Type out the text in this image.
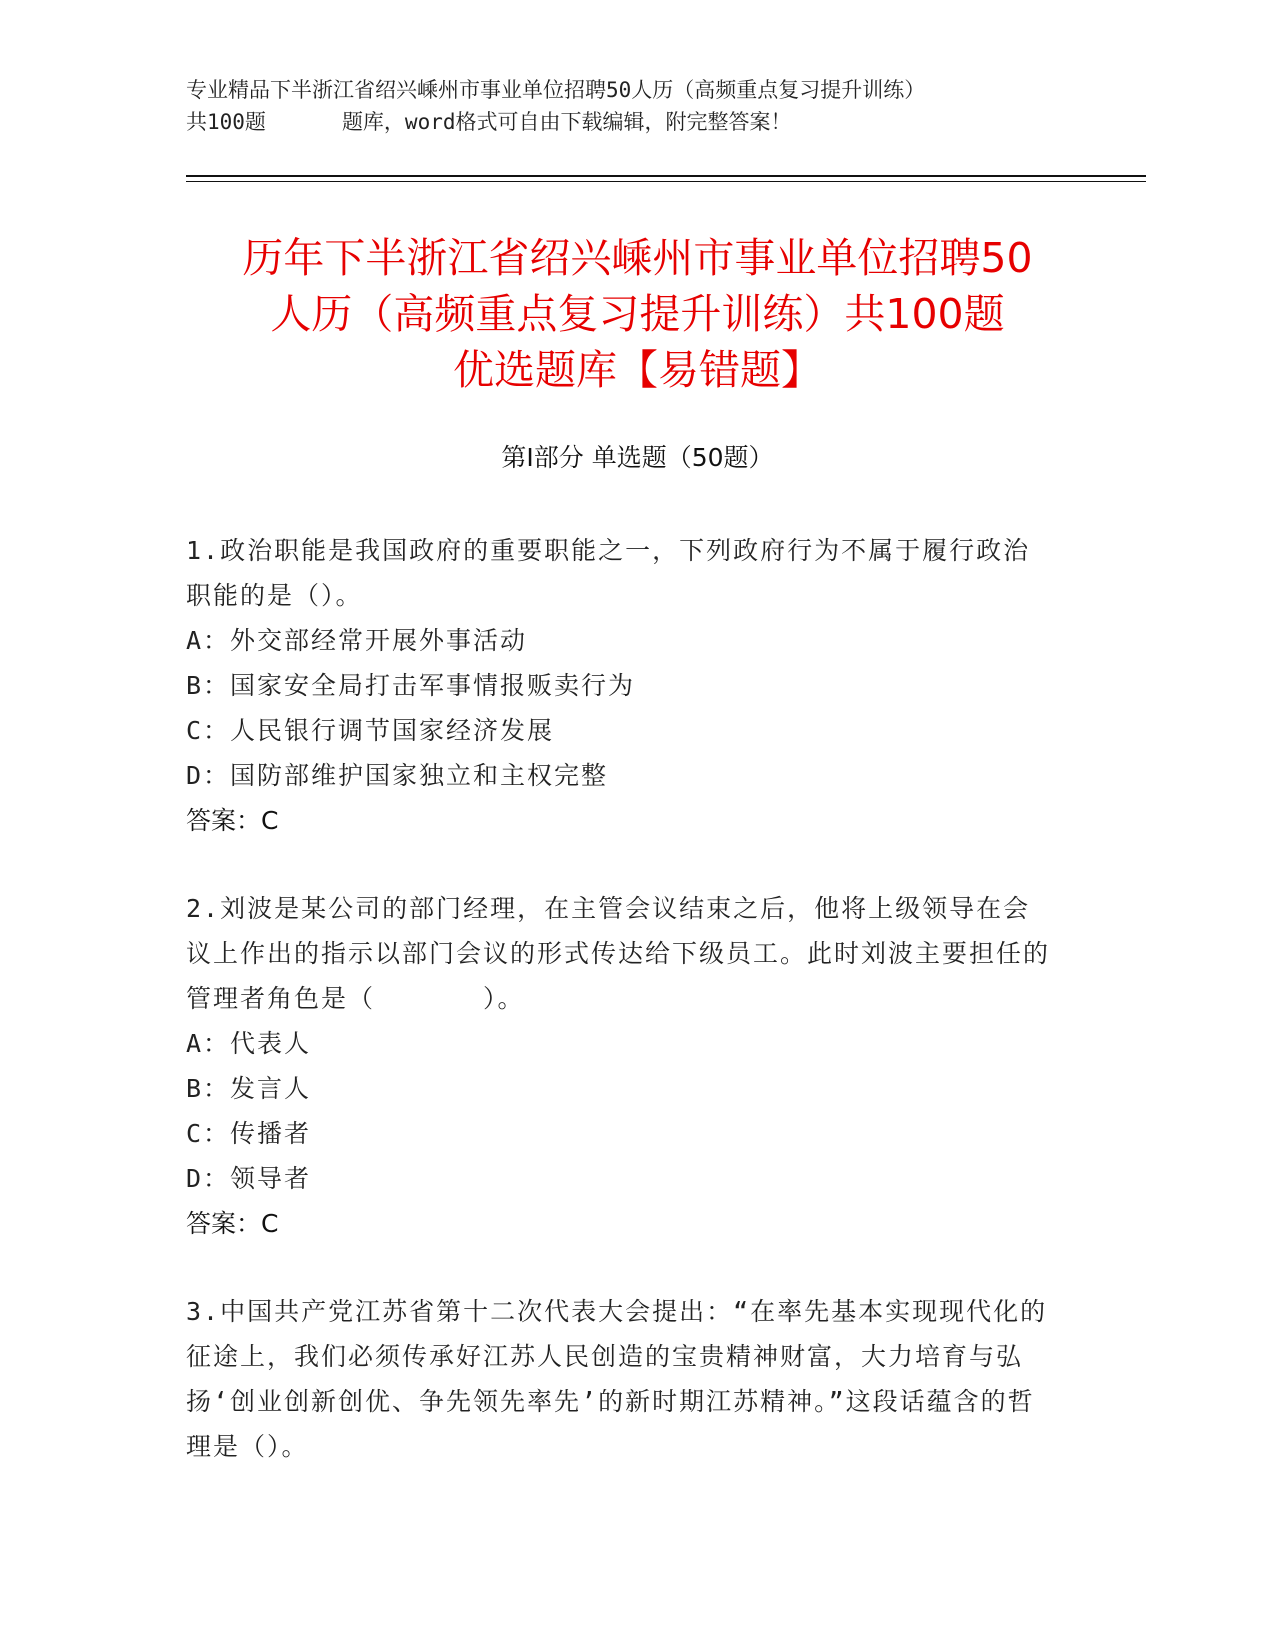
专业精品下半浙江省绍兴嵊州市事业单位招聘50人历（高频重点复习提升训练）
共100题	题库，word格式可自由下载编辑，附完整答案！
历年下半浙江省绍兴嵊州市事业单位招聘50
人历（高频重点复习提升训练）共100题
优选题库【易错题】
第Ⅰ部分 单选题（50题）
1.政治职能是我国政府的重要职能之一，下列政府行为不属于履行政治职能的是（）。
A：外交部经常开展外事活动
B：国家安全局打击军事情报贩卖行为
C：人民银行调节国家经济发展
D：国防部维护国家独立和主权完整
答案：C
2.刘波是某公司的部门经理，在主管会议结束之后，他将上级领导在会议上作出的指示以部门会议的形式传达给下级员工。此时刘波主要担任的管理者角色是（　　　　）。
A：代表人
B：发言人
C：传播者
D：领导者
答案：C
3.中国共产党江苏省第十二次代表大会提出：“在率先基本实现现代化的征途上，我们必须传承好江苏人民创造的宝贵精神财富，大力培育与弘扬‘创业创新创优、争先领先率先’的新时期江苏精神。”这段话蕴含的哲理是（）。
